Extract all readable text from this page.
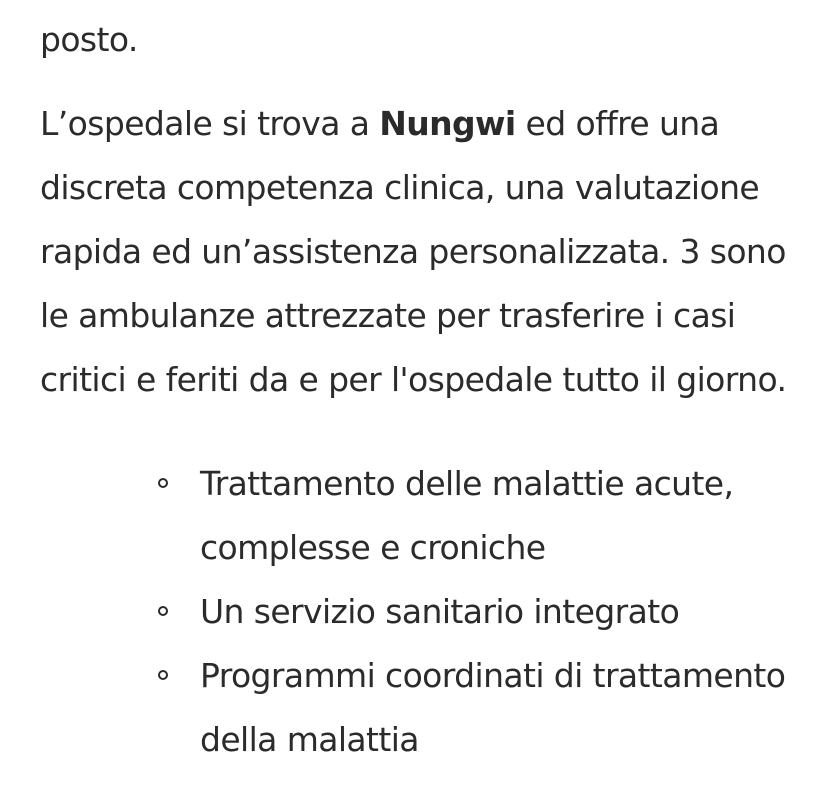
posto.

L’ospedale si trova a Nungwi ed offre una discreta competenza clinica, una valutazione rapida ed un’assistenza personalizzata. 3 sono le ambulanze attrezzate per trasferire i casi critici e feriti da e per l'ospedale tutto il giorno.

Trattamento delle malattie acute, complesse e croniche
Un servizio sanitario integrato
Programmi coordinati di trattamento della malattia
